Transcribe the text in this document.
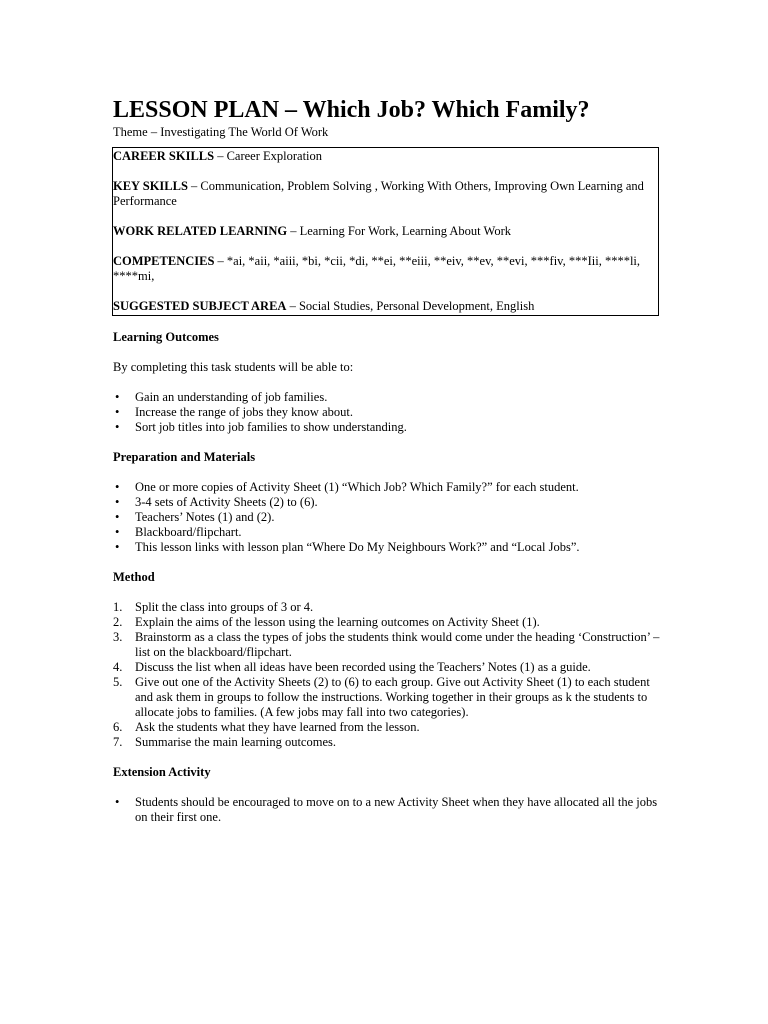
LESSON PLAN – Which Job? Which Family?
Theme – Investigating The World Of Work

CAREER SKILLS – Career Exploration

KEY SKILLS – Communication, Problem Solving , Working With Others, Improving Own Learning and Performance

WORK RELATED LEARNING – Learning For Work, Learning About Work

COMPETENCIES – *ai, *aii, *aiii, *bi, *cii, *di, **ei, **eiii, **eiv, **ev, **evi, ***fiv, ***Iii, ****li, ****mi,

SUGGESTED SUBJECT AREA – Social Studies, Personal Development, English

Learning Outcomes
By completing this task students will be able to:
• Gain an understanding of job families.
• Increase the range of jobs they know about.
• Sort job titles into job families to show understanding.
Preparation and Materials
• One or more copies of Activity Sheet (1) “Which Job? Which Family?” for each student.
• 3-4 sets of Activity Sheets (2) to (6).
• Teachers’ Notes (1) and (2).
• Blackboard/flipchart.
• This lesson links with lesson plan “Where Do My Neighbours Work?” and “Local Jobs”.
Method
1. Split the class into groups of 3 or 4.
2. Explain the aims of the lesson using the learning outcomes on Activity Sheet (1).
3. Brainstorm as a class the types of jobs the students think would come under the heading ‘Construction’ – list on the blackboard/flipchart.
4. Discuss the list when all ideas have been recorded using the Teachers’ Notes (1) as a guide.
5. Give out one of the Activity Sheets (2) to (6) to each group. Give out Activity Sheet (1) to each student and ask them in groups to follow the instructions. Working together in their groups as k the students to allocate jobs to families. (A few jobs may fall into two categories).
6. Ask the students what they have learned from the lesson.
7. Summarise the main learning outcomes.
Extension Activity
• Students should be encouraged to move on to a new Activity Sheet when they have allocated all the jobs on their first one.
